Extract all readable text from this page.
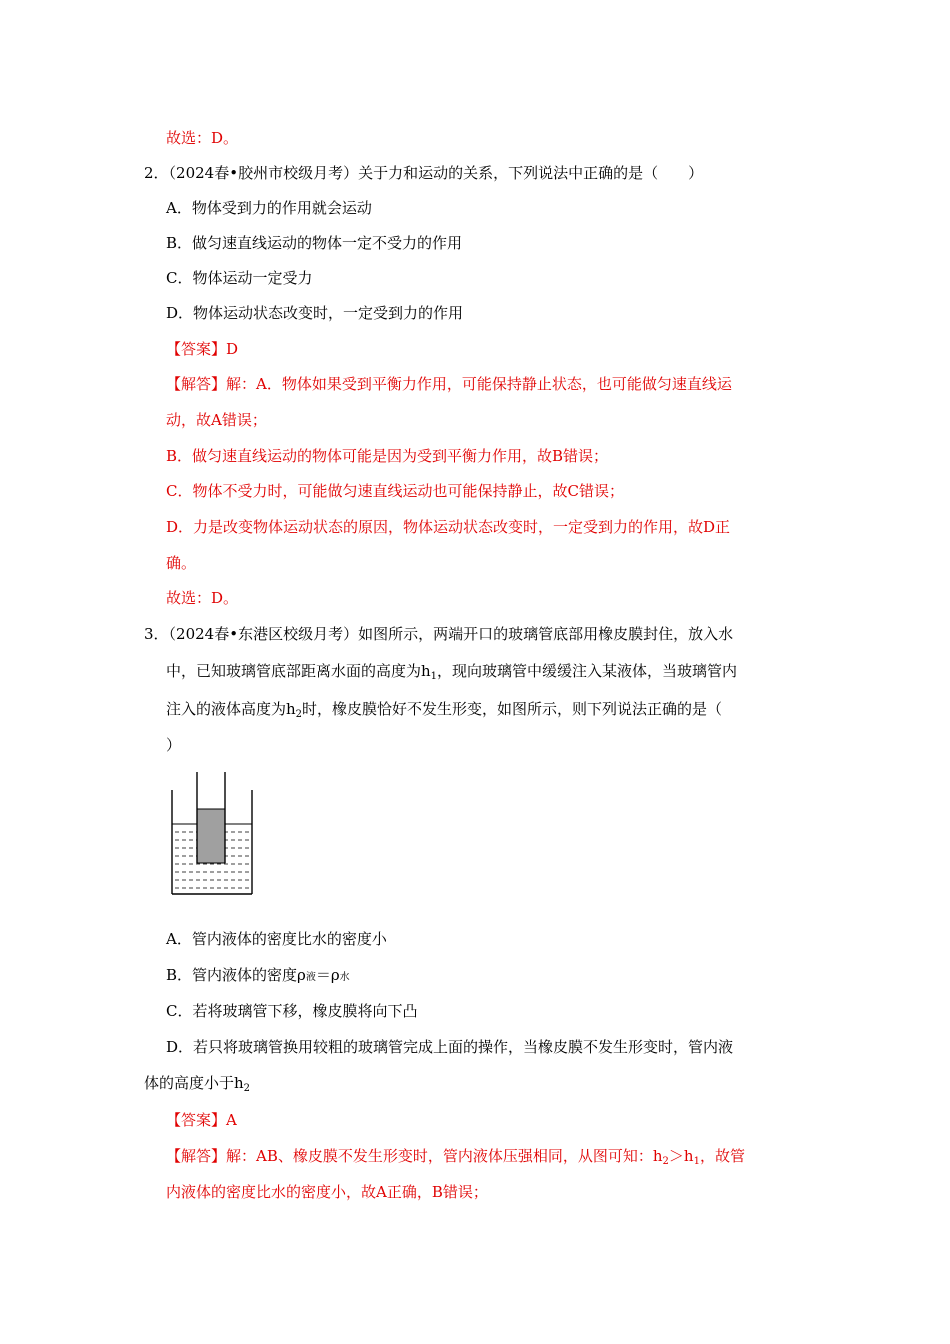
故选：D。
2．（2024春•胶州市校级月考）关于力和运动的关系，下列说法中正确的是（　　）
A．物体受到力的作用就会运动
B．做匀速直线运动的物体一定不受力的作用
C．物体运动一定受力
D．物体运动状态改变时，一定受到力的作用
【答案】D
【解答】解：A．物体如果受到平衡力作用，可能保持静止状态，也可能做匀速直线运
动，故A错误；
B．做匀速直线运动的物体可能是因为受到平衡力作用，故B错误；
C．物体不受力时，可能做匀速直线运动也可能保持静止，故C错误；
D．力是改变物体运动状态的原因，物体运动状态改变时，一定受到力的作用，故D正
确。
故选：D。
3．（2024春•东港区校级月考）如图所示，两端开口的玻璃管底部用橡皮膜封住，放入水
中，已知玻璃管底部距离水面的高度为$h_1$，现向玻璃管中缓缓注入某液体，当玻璃管内
注入的液体高度为$h_2$时，橡皮膜恰好不发生形变，如图所示，则下列说法正确的是（
）
A．管内液体的密度比水的密度小
B．管内液体的密度ρ液＝ρ水
C．若将玻璃管下移，橡皮膜将向下凸
D．若只将玻璃管换用较粗的玻璃管完成上面的操作，当橡皮膜不发生形变时，管内液
体的高度小于$h_2$
【答案】A
【解答】解：AB、橡皮膜不发生形变时，管内液体压强相同，从图可知：$h_2>h_1$，故管
内液体的密度比水的密度小，故A正确，B错误；
